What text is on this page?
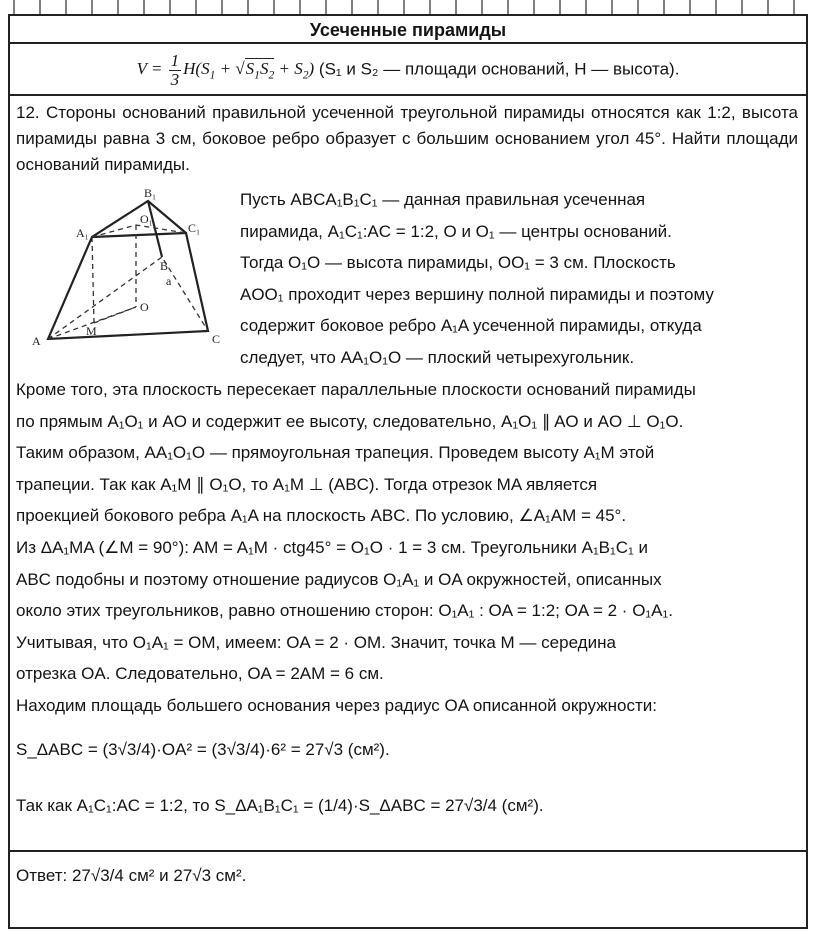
Усеченные пирамиды
$V = \frac{1}{3} H(S_1 + √S_1S_2 + S_2)$ (S₁ и S₂ — площади оснований, H — высота).
12. Стороны оснований правильной усеченной треугольной пирамиды относятся как 1:2, высота пирамиды равна 3 см, боковое ребро образует с большим основанием угол 45°. Найти площади оснований пирамиды.
A	C
B
A₁	C₁
B₁
M
O
O₁
a
Пусть ABCA₁B₁C₁ — данная правильная усеченная
пирамида, A₁C₁:AC = 1:2, O и O₁ — центры оснований.
Тогда O₁O — высота пирамиды, OO₁ = 3 см. Плоскость
AOO₁ проходит через вершину полной пирамиды и поэтому
содержит боковое ребро A₁A усеченной пирамиды, откуда
следует, что AA₁O₁O — плоский четырехугольник.
Кроме того, эта плоскость пересекает параллельные плоскости оснований пирамиды
по прямым A₁O₁ и AO и содержит ее высоту, следовательно, A₁O₁ ∥ AO и AO ⊥ O₁O.
Таким образом, AA₁O₁O — прямоугольная трапеция. Проведем высоту A₁M этой
трапеции. Так как A₁M ∥ O₁O, то A₁M ⊥ (ABC). Тогда отрезок MA является
проекцией бокового ребра A₁A на плоскость ABC. По условию, ∠A₁AM = 45°.
Из ΔA₁MA (∠M = 90°): AM = A₁M · ctg45° = O₁O · 1 = 3 см. Треугольники A₁B₁C₁ и
ABC подобны и поэтому отношение радиусов O₁A₁ и OA окружностей, описанных
около этих треугольников, равно отношению сторон: O₁A₁ : OA = 1:2; OA = 2 · O₁A₁.
Учитывая, что O₁A₁ = OM, имеем: OA = 2 · OM. Значит, точка M — середина
отрезка OA. Следовательно, OA = 2AM = 6 см.
Находим площадь большего основания через радиус OA описанной окружности:
S_ΔABC = (3√3/4)·OA² = (3√3/4)·6² = 27√3 (см²).
Так как A₁C₁:AC = 1:2, то S_ΔA₁B₁C₁ = (1/4)·S_ΔABC = 27√3/4 (см²).
Ответ: 27√3/4 см² и 27√3 см².
